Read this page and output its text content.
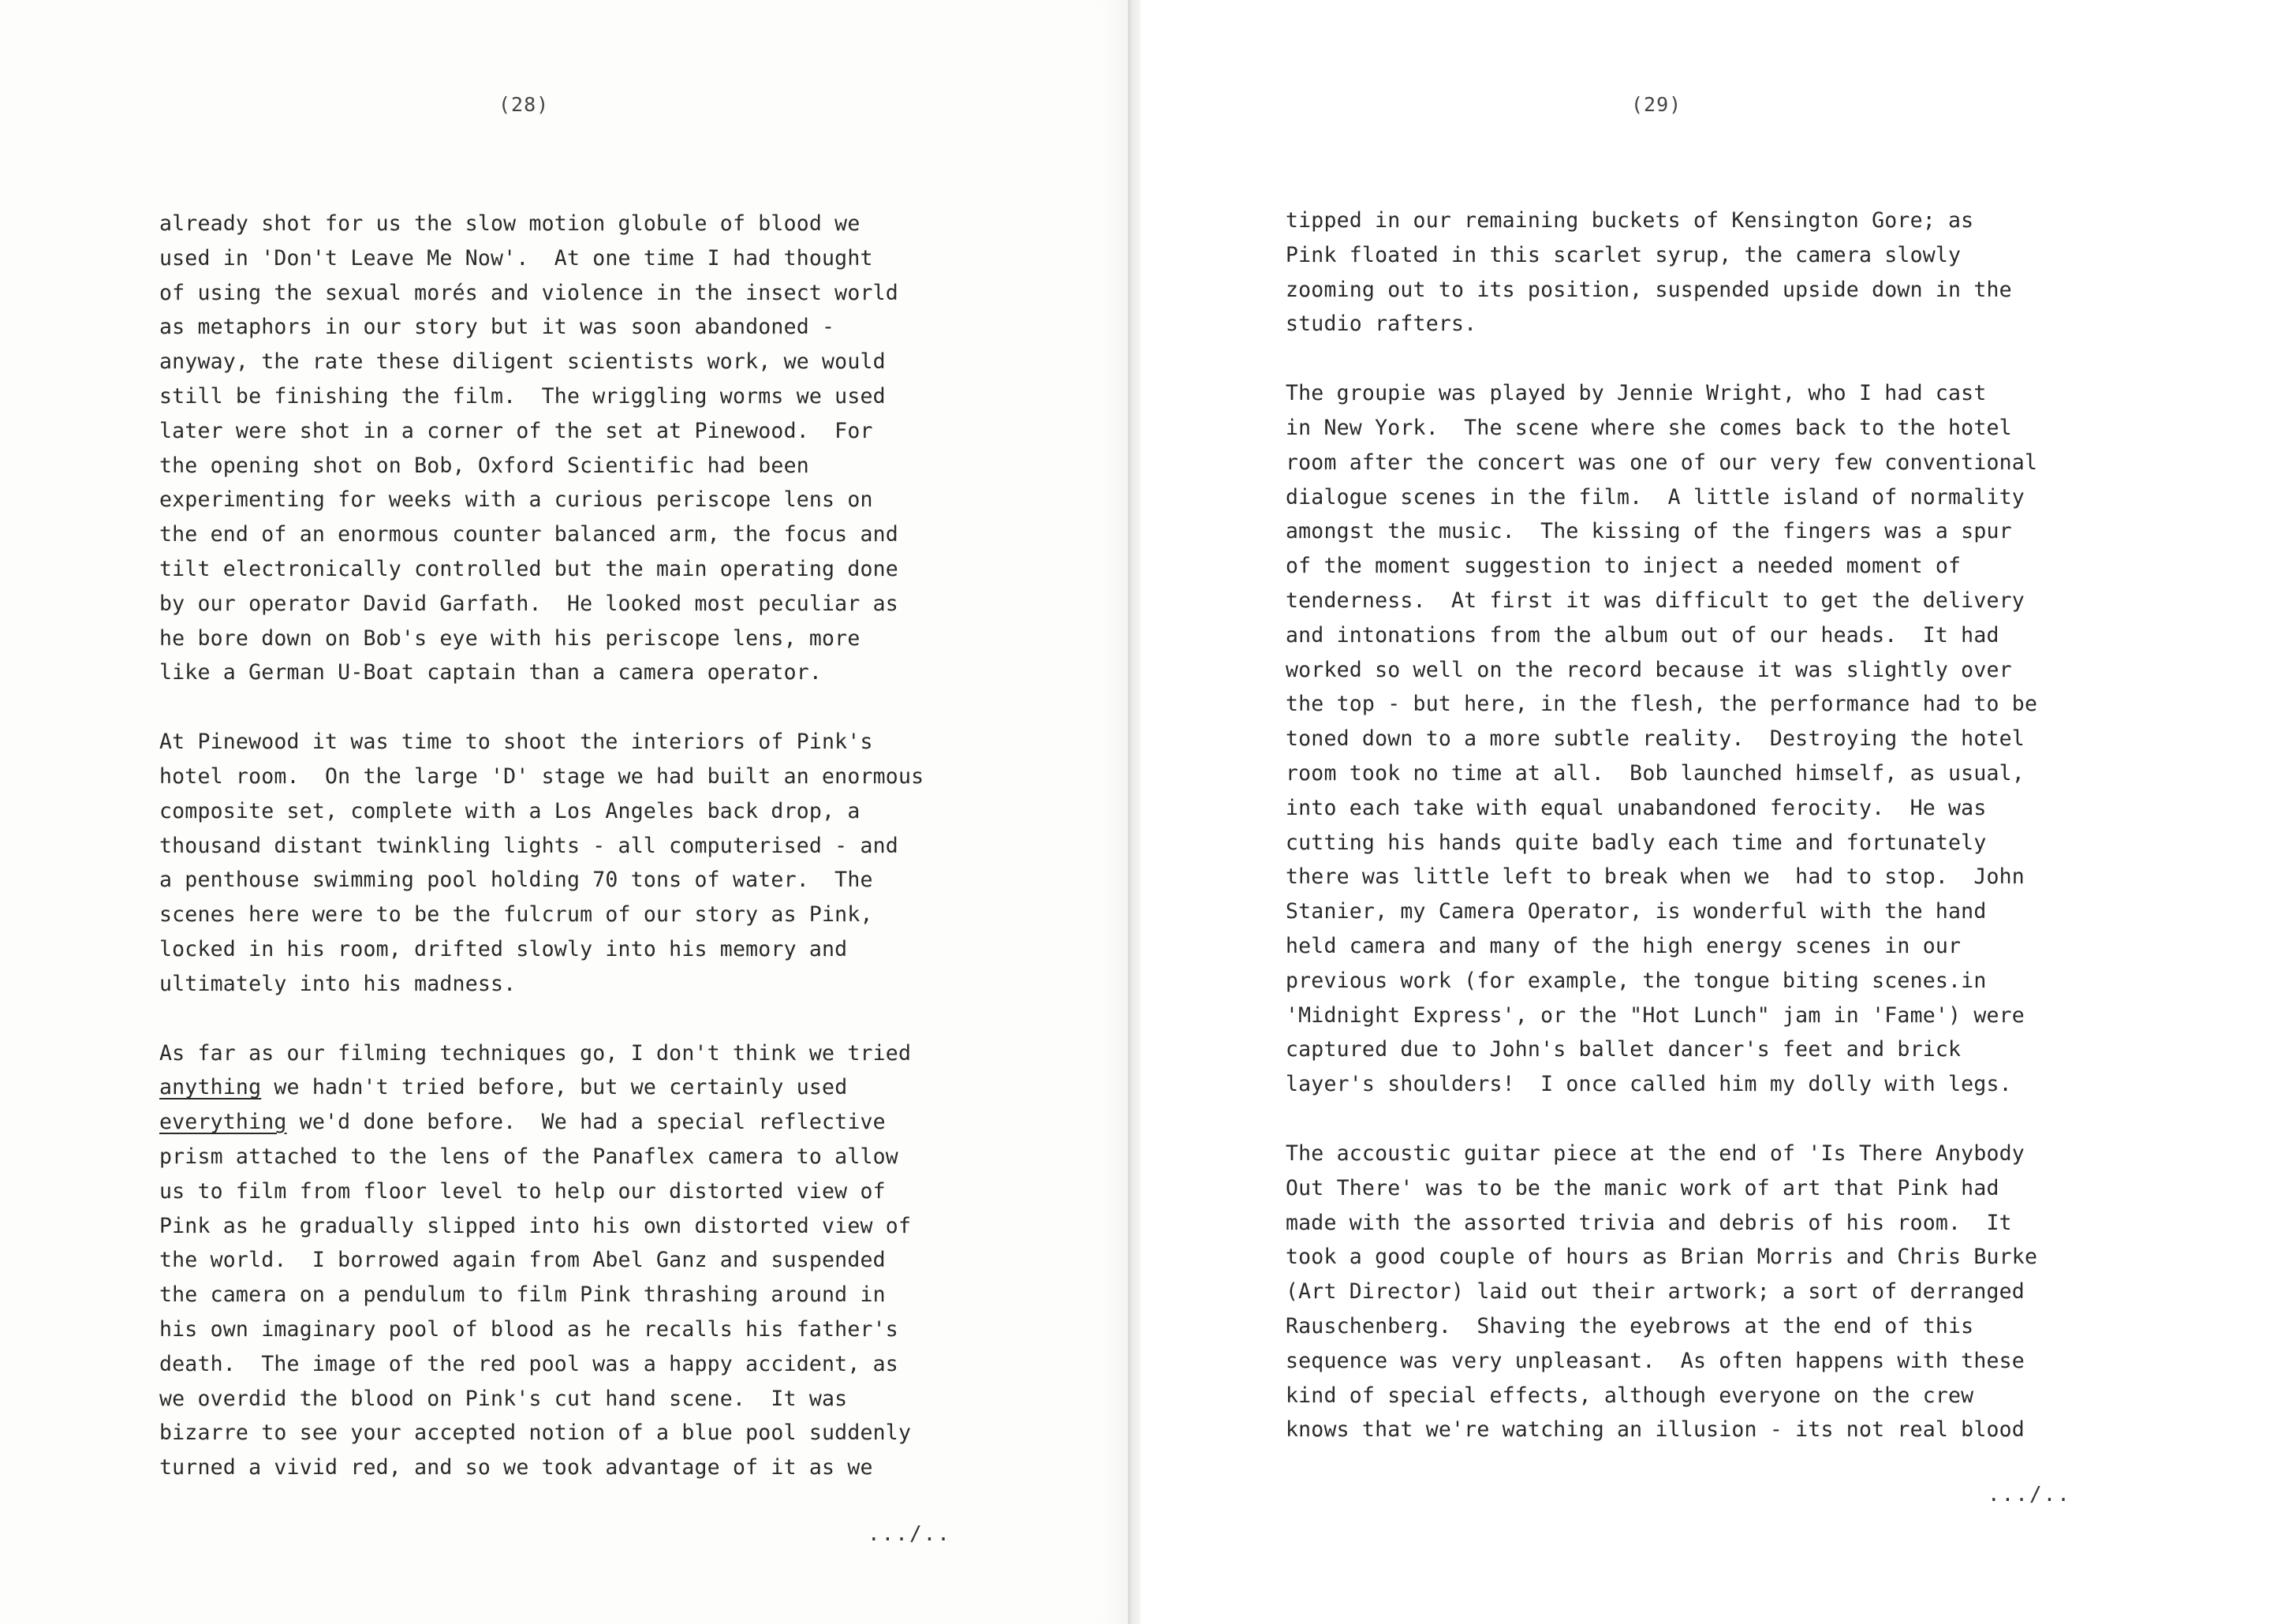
(28)
already shot for us the slow motion globule of blood we
used in 'Don't Leave Me Now'.  At one time I had thought
of using the sexual morés and violence in the insect world
as metaphors in our story but it was soon abandoned -
anyway, the rate these diligent scientists work, we would
still be finishing the film.  The wriggling worms we used
later were shot in a corner of the set at Pinewood.  For
the opening shot on Bob, Oxford Scientific had been
experimenting for weeks with a curious periscope lens on
the end of an enormous counter balanced arm, the focus and
tilt electronically controlled but the main operating done
by our operator David Garfath.  He looked most peculiar as
he bore down on Bob's eye with his periscope lens, more
like a German U-Boat captain than a camera operator.
At Pinewood it was time to shoot the interiors of Pink's
hotel room.  On the large 'D' stage we had built an enormous
composite set, complete with a Los Angeles back drop, a
thousand distant twinkling lights - all computerised - and
a penthouse swimming pool holding 70 tons of water.  The
scenes here were to be the fulcrum of our story as Pink,
locked in his room, drifted slowly into his memory and
ultimately into his madness.
As far as our filming techniques go, I don't think we tried
anything we hadn't tried before, but we certainly used
everything we'd done before.  We had a special reflective
prism attached to the lens of the Panaflex camera to allow
us to film from floor level to help our distorted view of
Pink as he gradually slipped into his own distorted view of
the world.  I borrowed again from Abel Ganz and suspended
the camera on a pendulum to film Pink thrashing around in
his own imaginary pool of blood as he recalls his father's
death.  The image of the red pool was a happy accident, as
we overdid the blood on Pink's cut hand scene.  It was
bizarre to see your accepted notion of a blue pool suddenly
turned a vivid red, and so we took advantage of it as we
.../..
(29)
tipped in our remaining buckets of Kensington Gore; as
Pink floated in this scarlet syrup, the camera slowly
zooming out to its position, suspended upside down in the
studio rafters.
The groupie was played by Jennie Wright, who I had cast
in New York.  The scene where she comes back to the hotel
room after the concert was one of our very few conventional
dialogue scenes in the film.  A little island of normality
amongst the music.  The kissing of the fingers was a spur
of the moment suggestion to inject a needed moment of
tenderness.  At first it was difficult to get the delivery
and intonations from the album out of our heads.  It had
worked so well on the record because it was slightly over
the top - but here, in the flesh, the performance had to be
toned down to a more subtle reality.  Destroying the hotel
room took no time at all.  Bob launched himself, as usual,
into each take with equal unabandoned ferocity.  He was
cutting his hands quite badly each time and fortunately
there was little left to break when we  had to stop.  John
Stanier, my Camera Operator, is wonderful with the hand
held camera and many of the high energy scenes in our
previous work (for example, the tongue biting scenes.in
'Midnight Express', or the "Hot Lunch" jam in 'Fame') were
captured due to John's ballet dancer's feet and brick
layer's shoulders!  I once called him my dolly with legs.
The accoustic guitar piece at the end of 'Is There Anybody
Out There' was to be the manic work of art that Pink had
made with the assorted trivia and debris of his room.  It
took a good couple of hours as Brian Morris and Chris Burke
(Art Director) laid out their artwork; a sort of derranged
Rauschenberg.  Shaving the eyebrows at the end of this
sequence was very unpleasant.  As often happens with these
kind of special effects, although everyone on the crew
knows that we're watching an illusion - its not real blood
.../..
